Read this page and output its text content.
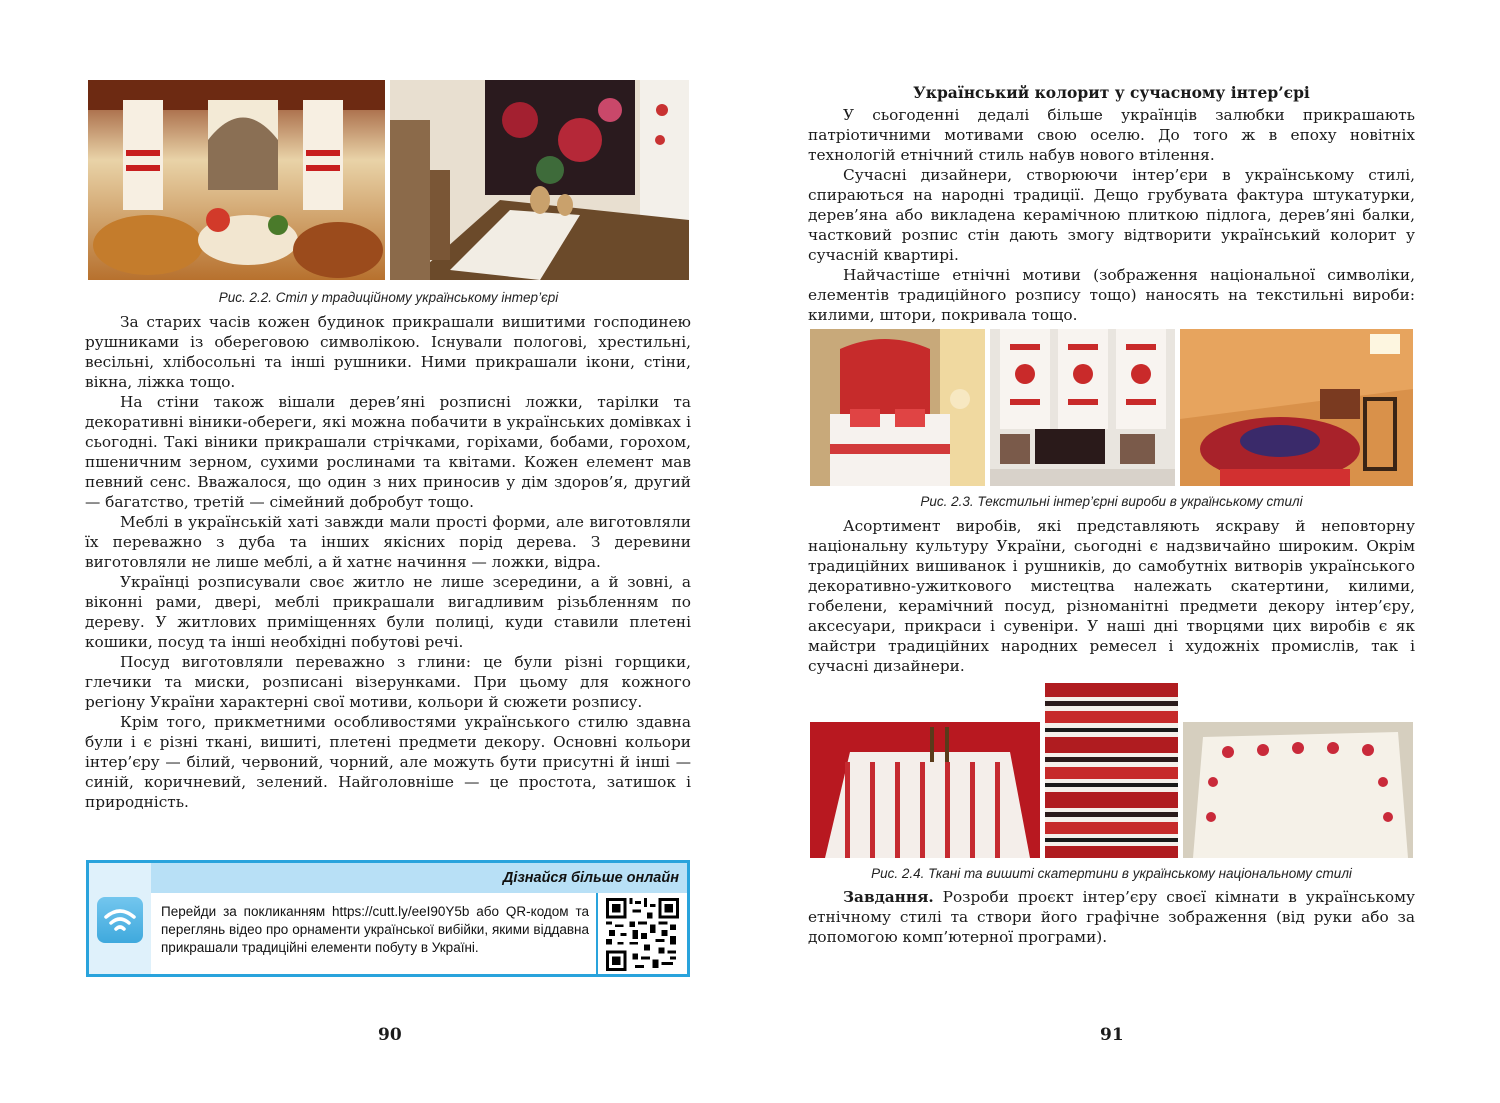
Рис. 2.2. Стіл у традиційному українському інтер’єрі

За старих часів кожен будинок прикрашали вишитими господинею рушниками із обереговою символікою. Існували пологові, хрестильні, весільні, хлібосольні та інші рушники. Ними прикрашали ікони, стіни, вікна, ліжка тощо.

На стіни також вішали дерев’яні розписні ложки, тарілки та декоративні віники-обереги, які можна побачити в українських домівках і сьогодні. Такі віники прикрашали стрічками, горіхами, бобами, горохом, пшеничним зерном, сухими рослинами та квітами. Кожен елемент мав певний сенс. Вважалося, що один з них приносив у дім здоров’я, другий — багатство, третій — сімейний добробут тощо.

Меблі в українській хаті завжди мали прості форми, але виготовляли їх переважно з дуба та інших якісних порід дерева. З деревини виготовляли не лише меблі, а й хатнє начиння — ложки, відра.

Українці розписували своє житло не лише зсередини, а й зовні, а віконні рами, двері, меблі прикрашали вигадливим різьбленням по дереву. У житлових приміщеннях були полиці, куди ставили плетені кошики, посуд та інші необхідні побутові речі.

Посуд виготовляли переважно з глини: це були різні горщики, глечики та миски, розписані візерунками. При цьому для кожного регіону України характерні свої мотиви, кольори й сюжети розпису.

Крім того, прикметними особливостями українського стилю здавна були і є різні ткані, вишиті, плетені предмети декору. Основні кольори інтер’єру — білий, червоний, чорний, але можуть бути присутні й інші — синій, коричневий, зелений. Найголовніше — це простота, затишок і природність.

Дізнайся більше онлайн
Перейди за покликанням https://cutt.ly/eeI90Y5b або QR-кодом та переглянь відео про орнаменти української вибійки, якими віддавна прикрашали традиційні елементи побуту в Україні.
90
Український колорит у сучасному інтер’єрі

У сьогоденні дедалі більше українців залюбки прикрашають патріотичними мотивами свою оселю. До того ж в епоху новітніх технологій етнічний стиль набув нового втілення.

Сучасні дизайнери, створюючи інтер’єри в українському стилі, спираються на народні традиції. Дещо грубувата фактура штукатурки, дерев’яна або викладена керамічною плиткою підлога, дерев’яні балки, частковий розпис стін дають змогу відтворити український колорит у сучасній квартирі.

Найчастіше етнічні мотиви (зображення національної символіки, елементів традиційного розпису тощо) наносять на текстильні вироби: килими, штори, покривала тощо.

Рис. 2.3. Текстильні інтер’єрні вироби в українському стилі

Асортимент виробів, які представляють яскраву й неповторну національну культуру України, сьогодні є надзвичайно широким. Окрім традиційних вишиванок і рушників, до самобутніх витворів українського декоративно-ужиткового мистецтва належать скатертини, килими, гобелени, керамічний посуд, різноманітні предмети декору інтер’єру, аксесуари, прикраси і сувеніри. У наші дні творцями цих виробів є як майстри традиційних народних ремесел і художніх промислів, так і сучасні дизайнери.

Рис. 2.4. Ткані та вишиті скатертини в українському національному стилі

Завдання. Розроби проєкт інтер’єру своєї кімнати в українському етнічному стилі та створи його графічне зображення (від руки або за допомогою комп’ютерної програми).

91
